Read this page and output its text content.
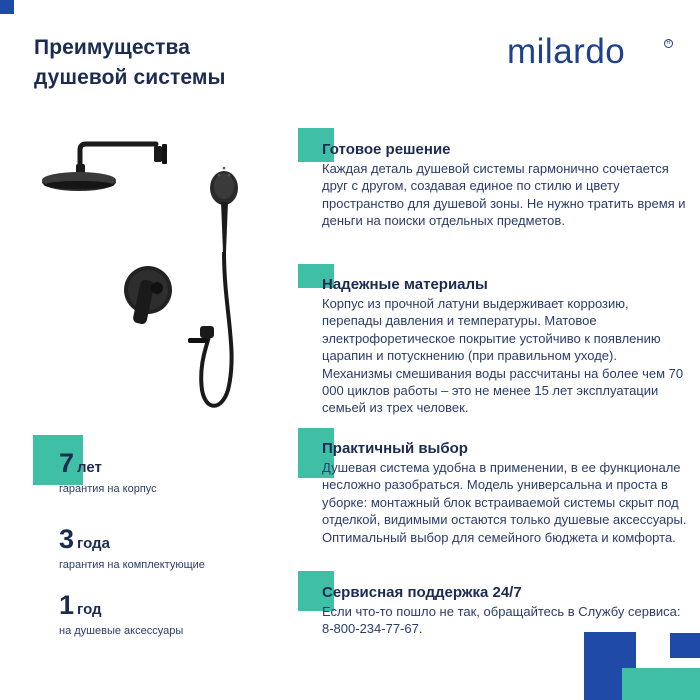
Преимущества
душевой системы
milardo	R
Готовое решение
Каждая деталь душевой системы гармонично сочетается друг с другом, создавая единое по стилю и цвету пространство для душевой зоны. Не нужно тратить время и деньги на поиски отдельных предметов.
Надежные материалы
Корпус из прочной латуни выдерживает коррозию, перепады давления и температуры. Матовое электрофоретическое покрытие устойчиво к появлению царапин и потускнению (при правильном уходе). Механизмы смешивания воды рассчитаны на более чем 70 000 циклов работы – это не менее 15 лет эксплуатации семьей из трех человек.
Практичный выбор
Душевая система удобна в применении, в ее функционале несложно разобраться. Модель универсальна и проста в уборке: монтажный блок встраиваемой системы скрыт под отделкой, видимыми остаются только душевые аксессуары. Оптимальный выбор для семейного бюджета и комфорта.
Сервисная поддержка 24/7
Если что-то пошло не так, обращайтесь в Службу сервиса: 8-800-234-77-67.
7 лет
гарантия на корпус
3 года
гарантия на комплектующие
1 год
на душевые аксессуары
